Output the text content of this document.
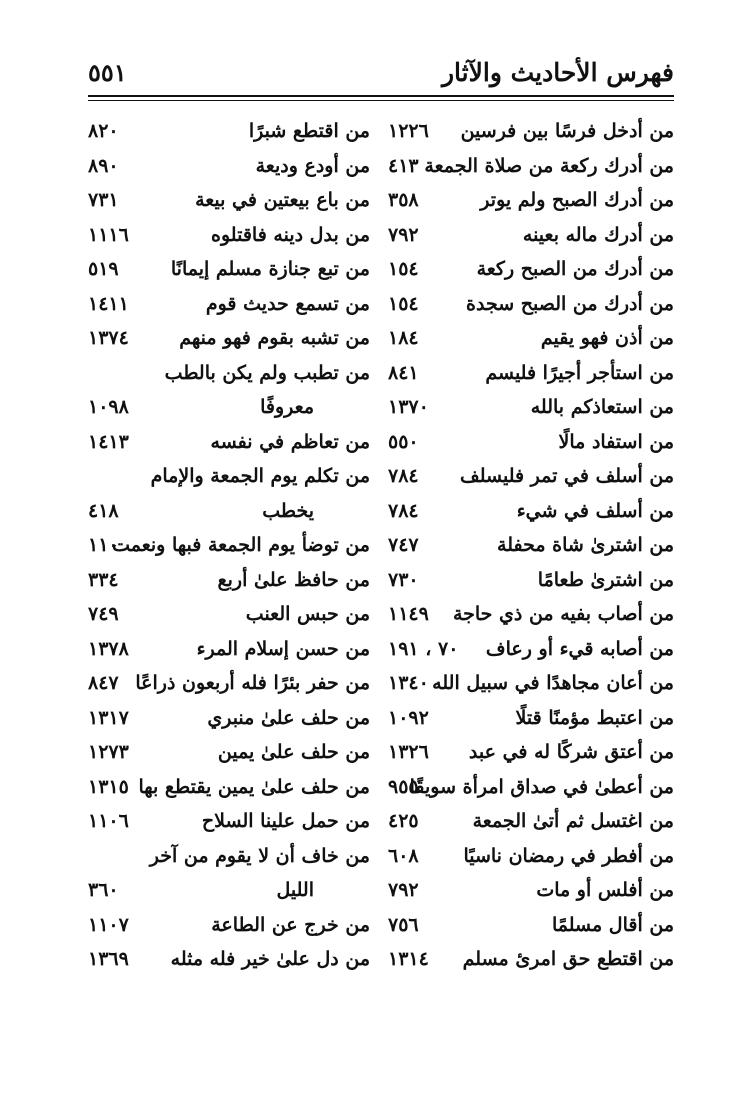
فهرس الأحاديث والآثار
٥٥١
من أدخل فرسًا بين فرسين
١٢٢٦
من أدرك ركعة من صلاة الجمعة
٤١٣
من أدرك الصبح ولم يوتر
٣٥٨
من أدرك ماله بعينه
٧٩٢
من أدرك من الصبح ركعة
١٥٤
من أدرك من الصبح سجدة
١٥٤
من أذن فهو يقيم
١٨٤
من استأجر أجيرًا فليسم
٨٤١
من استعاذكم بالله
١٣٧٠
من استفاد مالًا
٥٥٠
من أسلف في تمر فليسلف
٧٨٤
من أسلف في شيء
٧٨٤
من اشترىٰ شاة محفلة
٧٤٧
من اشترىٰ طعامًا
٧٣٠
من أصاب بفيه من ذي حاجة
١١٤٩
من أصابه قيء أو رعاف
٧٠ ، ١٩١
من أعان مجاهدًا في سبيل الله
١٣٤٠
من اعتبط مؤمنًا قتلًا
١٠٩٢
من أعتق شركًا له في عبد
١٣٢٦
من أعطىٰ في صداق امرأة سويقًا
٩٥٥
من اغتسل ثم أتىٰ الجمعة
٤٢٥
من أفطر في رمضان ناسيًا
٦٠٨
من أفلس أو مات
٧٩٢
من أقال مسلمًا
٧٥٦
من اقتطع حق امرئ مسلم
١٣١٤
من اقتطع شبرًا
٨٢٠
من أودع وديعة
٨٩٠
من باع بيعتين في بيعة
٧٣١
من بدل دينه فاقتلوه
١١١٦
من تبع جنازة مسلم إيمانًا
٥١٩
من تسمع حديث قوم
١٤١١
من تشبه بقوم فهو منهم
١٣٧٤
من تطبب ولم يكن بالطب
معروفًا
١٠٩٨
من تعاظم في نفسه
١٤١٣
من تكلم يوم الجمعة والإمام
يخطب
٤١٨
من توضأ يوم الجمعة فبها ونعمت
١١٠
من حافظ علىٰ أربع
٣٣٤
من حبس العنب
٧٤٩
من حسن إسلام المرء
١٣٧٨
من حفر بئرًا فله أربعون ذراعًا
٨٤٧
من حلف علىٰ منبري
١٣١٧
من حلف علىٰ يمين
١٢٧٣
من حلف علىٰ يمين يقتطع بها
١٣١٥
من حمل علينا السلاح
١١٠٦
من خاف أن لا يقوم من آخر
الليل
٣٦٠
من خرج عن الطاعة
١١٠٧
من دل علىٰ خير فله مثله
١٣٦٩
